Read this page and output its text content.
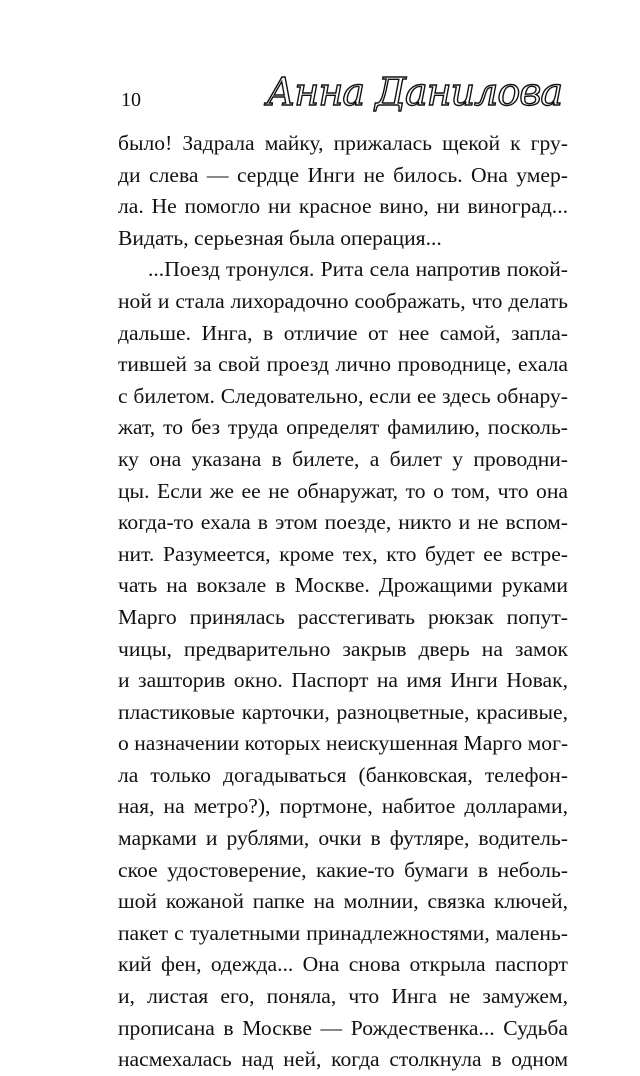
10	Анна Данилова
было! Задрала майку, прижалась щекой к гру-
ди слева — сердце Инги не билось. Она умер-
ла. Не помогло ни красное вино, ни виноград...
Видать, серьезная была операция...
...Поезд тронулся. Рита села напротив покой-
ной и стала лихорадочно соображать, что делать
дальше. Инга, в отличие от нее самой, запла-
тившей за свой проезд лично проводнице, ехала
с билетом. Следовательно, если ее здесь обнару-
жат, то без труда определят фамилию, посколь-
ку она указана в билете, а билет у проводни-
цы. Если же ее не обнаружат, то о том, что она
когда-то ехала в этом поезде, никто и не вспом-
нит. Разумеется, кроме тех, кто будет ее встре-
чать на вокзале в Москве. Дрожащими руками
Марго принялась расстегивать рюкзак попут-
чицы, предварительно закрыв дверь на замок
и зашторив окно. Паспорт на имя Инги Новак,
пластиковые карточки, разноцветные, красивые,
о назначении которых неискушенная Марго мог-
ла только догадываться (банковская, телефон-
ная, на метро?), портмоне, набитое долларами,
марками и рублями, очки в футляре, водитель-
ское удостоверение, какие-то бумаги в неболь-
шой кожаной папке на молнии, связка ключей,
пакет с туалетными принадлежностями, малень-
кий фен, одежда... Она снова открыла паспорт
и, листая его, поняла, что Инга не замужем,
прописана в Москве — Рождественка... Судьба
насмехалась над ней, когда столкнула в одном
